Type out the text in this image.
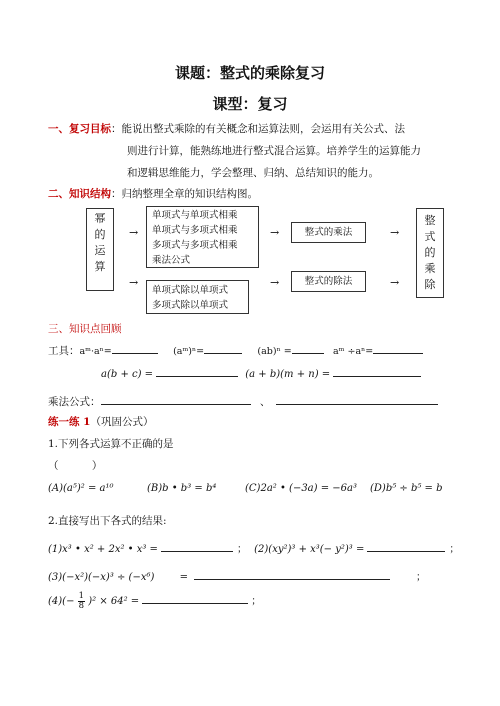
课题：整式的乘除复习
课型：复习
一、复习目标：能说出整式乘除的有关概念和运算法则，会运用有关公式、法
则进行计算，能熟练地进行整式混合运算。培养学生的运算能力
和逻辑思维能力，学会整理、归纳、总结知识的能力。
二、知识结构：归纳整理全章的知识结构图。
幂
的
运
算
→
→
单项式与单项式相乘
单项式与多项式相乘
多项式与多项式相乘
乘法公式
单项式除以单项式
多项式除以单项式
→
→
整式的乘法
整式的除法
→
→
整
式
的
乘
除
三、知识点回顾
工具：aᵐ·aⁿ=	(aᵐ)ⁿ=	(ab)ⁿ =	aᵐ ÷aⁿ=
a(b + c) =	(a + b)(m + n) =
乘法公式：	、
练一练 1（巩固公式）
1.下列各式运算不正确的是
（          ）
(A)(a⁵)² = a¹⁰	(B)b • b³ = b⁴	(C)2a² • (−3a) = −6a³ (D)b⁵ ÷ b⁵ = b
2.直接写出下各式的结果:
(1)x³ • x² + 2x² • x³ =	； (2)(xy²)³ + x³(− y²)³ =	；
(3)(−x²)(−x)³ ÷ (−x⁶)	=	；
$(4)(- \frac{1}{8} )^2 \times 64^2$ =	；
